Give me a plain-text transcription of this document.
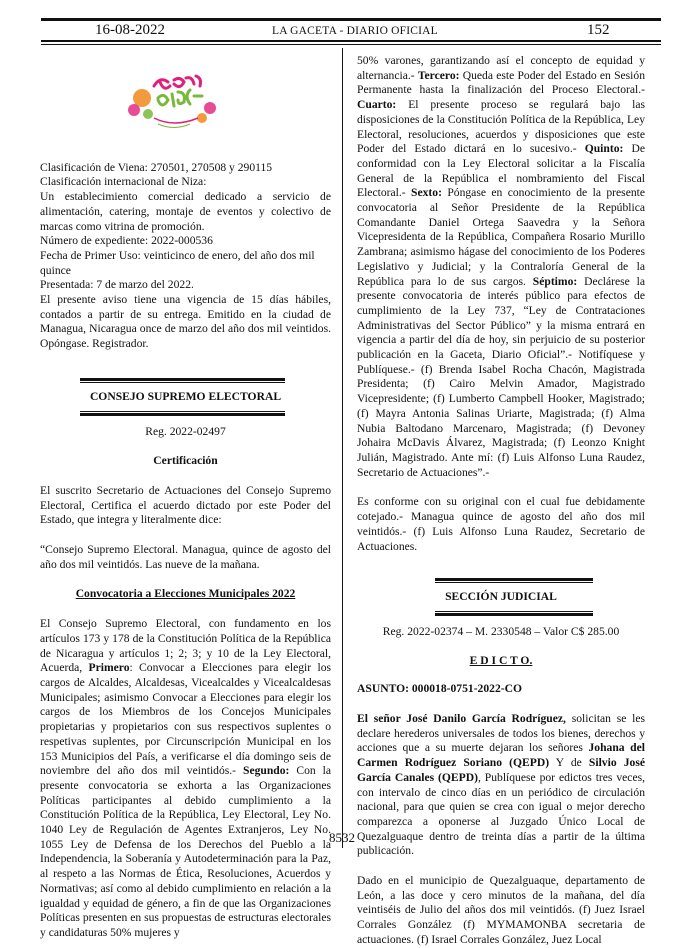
16-08-2022	LA GACETA - DIARIO OFICIAL	152

Clasificación de Viena: 270501, 270508 y 290115

Clasificación internacional de Niza:

Un establecimiento comercial dedicado a servicio de alimentación, catering, montaje de eventos y colectivo de marcas como vitrina de promoción.

Número de expediente: 2022-000536

Fecha de Primer Uso: veinticinco de enero, del año dos mil quince

Presentada: 7 de marzo del 2022.

El presente aviso tiene una vigencia de 15 días hábiles, contados a partir de su entrega. Emitido en la ciudad de Managua, Nicaragua once de marzo del año dos mil veintidos. Opóngase. Registrador.

CONSEJO SUPREMO ELECTORAL

Reg. 2022-02497

Certificación

El suscrito Secretario de Actuaciones del Consejo Supremo Electoral, Certifica el acuerdo dictado por este Poder del Estado, que integra y literalmente dice:

“Consejo Supremo Electoral. Managua, quince de agosto del año dos mil veintidós. Las nueve de la mañana.

Convocatoria a Elecciones Municipales 2022

El Consejo Supremo Electoral, con fundamento en los artículos 173 y 178 de la Constitución Política de la República de Nicaragua y artículos 1; 2; 3; y 10 de la Ley Electoral, Acuerda, Primero: Convocar a Elecciones para elegir los cargos de Alcaldes, Alcaldesas, Vicealcaldes y Vicealcaldesas Municipales; asimismo Convocar a Elecciones para elegir los cargos de los Miembros de los Concejos Municipales propietarias y propietarios con sus respectivos suplentes o respetivas suplentes, por Circunscripción Municipal en los 153 Municipios del País, a verificarse el día domingo seis de noviembre del año dos mil veintidós.- Segundo: Con la presente convocatoria se exhorta a las Organizaciones Políticas participantes al debido cumplimiento a la Constitución Política de la República, Ley Electoral, Ley No. 1040 Ley de Regulación de Agentes Extranjeros, Ley No. 1055 Ley de Defensa de los Derechos del Pueblo a la Independencia, la Soberanía y Autodeterminación para la Paz, al respeto a las Normas de Ética, Resoluciones, Acuerdos y Normativas; así como al debido cumplimiento en relación a la igualdad y equidad de género, a fin de que las Organizaciones Políticas presenten en sus propuestas de estructuras electorales y candidaturas 50% mujeres y

50% varones, garantizando así el concepto de equidad y alternancia.- Tercero: Queda este Poder del Estado en Sesión Permanente hasta la finalización del Proceso Electoral.- Cuarto: El presente proceso se regulará bajo las disposiciones de la Constitución Política de la República, Ley Electoral, resoluciones, acuerdos y disposiciones que este Poder del Estado dictará en lo sucesivo.- Quinto: De conformidad con la Ley Electoral solicitar a la Fiscalía General de la República el nombramiento del Fiscal Electoral.- Sexto: Póngase en conocimiento de la presente convocatoria al Señor Presidente de la República Comandante Daniel Ortega Saavedra y la Señora Vicepresidenta de la República, Compañera Rosario Murillo Zambrana; asimismo hágase del conocimiento de los Poderes Legislativo y Judicial; y la Contraloría General de la República para lo de sus cargos. Séptimo: Declárese la presente convocatoria de interés público para efectos de cumplimiento de la Ley 737, “Ley de Contrataciones Administrativas del Sector Público” y la misma entrará en vigencia a partir del día de hoy, sin perjuicio de su posterior publicación en la Gaceta, Diario Oficial”.- Notifíquese y Publíquese.- (f) Brenda Isabel Rocha Chacón, Magistrada Presidenta; (f) Cairo Melvin Amador, Magistrado Vicepresidente; (f) Lumberto Campbell Hooker, Magistrado; (f) Mayra Antonia Salinas Uriarte, Magistrada; (f) Alma Nubia Baltodano Marcenaro, Magistrada; (f) Devoney Johaira McDavis Álvarez, Magistrada; (f) Leonzo Knight Julián, Magistrado. Ante mí: (f) Luis Alfonso Luna Raudez, Secretario de Actuaciones”.-

Es conforme con su original con el cual fue debidamente cotejado.- Managua quince de agosto del año dos mil veintidós.- (f) Luis Alfonso Luna Raudez, Secretario de Actuaciones.

SECCIÓN JUDICIAL

Reg. 2022-02374 – M. 2330548 – Valor C$ 285.00

E D I C T O.

ASUNTO: 000018-0751-2022-CO

El señor José Danilo García Rodríguez, solicitan se les declare herederos universales de todos los bienes, derechos y acciones que a su muerte dejaran los señores Johana del Carmen Rodríguez Soriano (QEPD) Y de Silvio José García Canales (QEPD), Publíquese por edictos tres veces, con intervalo de cinco días en un periódico de circulación nacional, para que quien se crea con igual o mejor derecho comparezca a oponerse al Juzgado Único Local de Quezalguaque dentro de treinta días a partir de la última publicación.

Dado en el municipio de Quezalguaque, departamento de León, a las doce y cero minutos de la mañana, del día veintiséis de Julio del años dos mil veintidós. (f) Juez Israel Corrales González (f) MYMAMONBA secretaria de actuaciones. (f) Israel Corrales González, Juez Local

8532
